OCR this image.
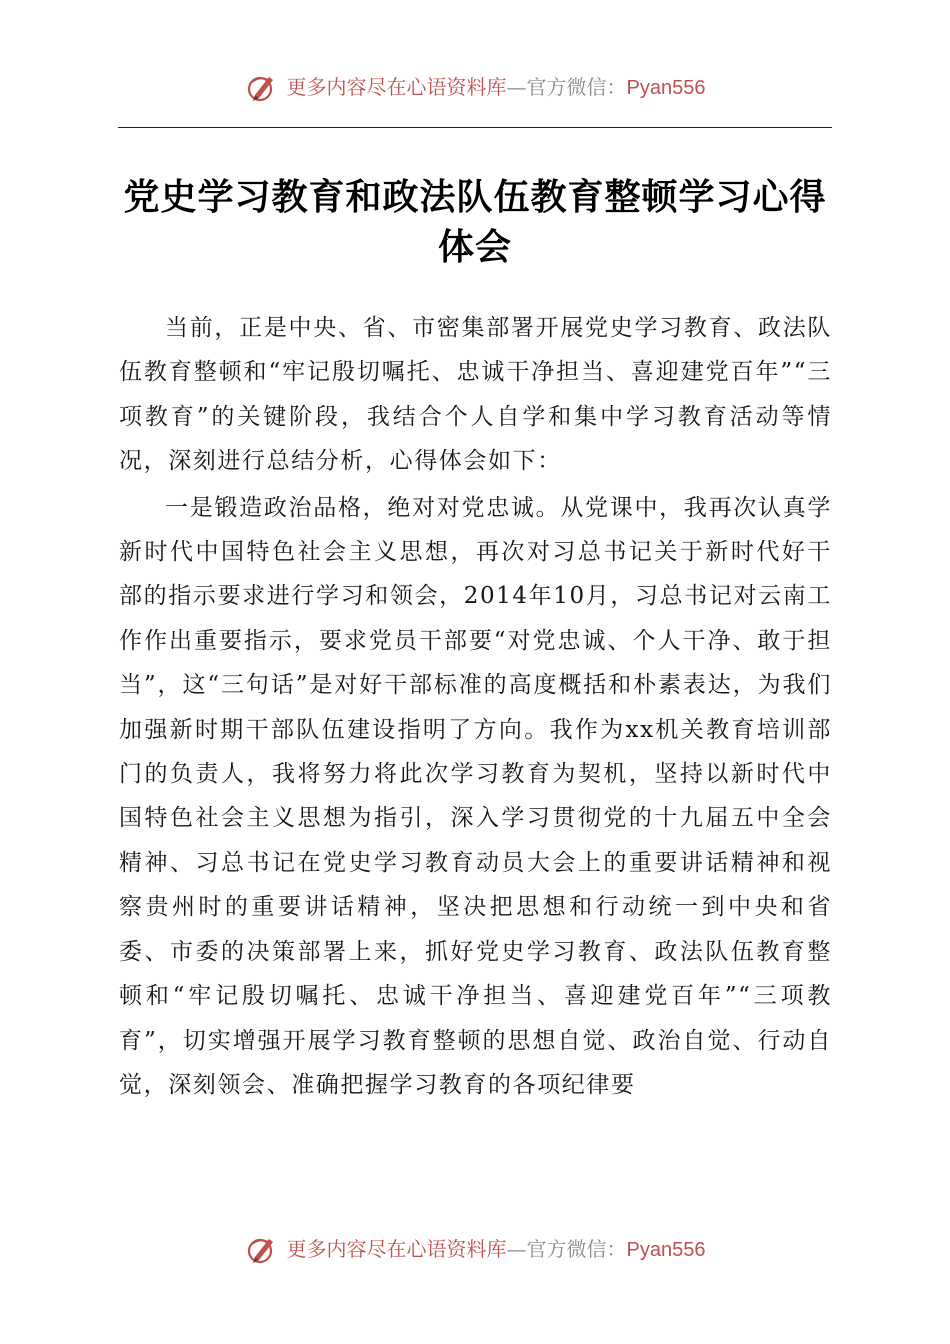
更多内容尽在心语资料库—官方微信：Pyan556
党史学习教育和政法队伍教育整顿学习心得体会

当前，正是中央、省、市密集部署开展党史学习教育、政法队伍教育整顿和“牢记殷切嘱托、忠诚干净担当、喜迎建党百年”“三项教育”的关键阶段，我结合个人自学和集中学习教育活动等情况，深刻进行总结分析，心得体会如下：

一是锻造政治品格，绝对对党忠诚。从党课中，我再次认真学新时代中国特色社会主义思想，再次对习总书记关于新时代好干部的指示要求进行学习和领会，2014年10月，习总书记对云南工作作出重要指示，要求党员干部要“对党忠诚、个人干净、敢于担当”，这“三句话”是对好干部标准的高度概括和朴素表达，为我们加强新时期干部队伍建设指明了方向。我作为xx机关教育培训部门的负责人，我将努力将此次学习教育为契机，坚持以新时代中国特色社会主义思想为指引，深入学习贯彻党的十九届五中全会精神、习总书记在党史学习教育动员大会上的重要讲话精神和视察贵州时的重要讲话精神，坚决把思想和行动统一到中央和省委、市委的决策部署上来，抓好党史学习教育、政法队伍教育整顿和“牢记殷切嘱托、忠诚干净担当、喜迎建党百年”“三项教育”，切实增强开展学习教育整顿的思想自觉、政治自觉、行动自觉，深刻领会、准确把握学习教育的各项纪律要

更多内容尽在心语资料库—官方微信：Pyan556
